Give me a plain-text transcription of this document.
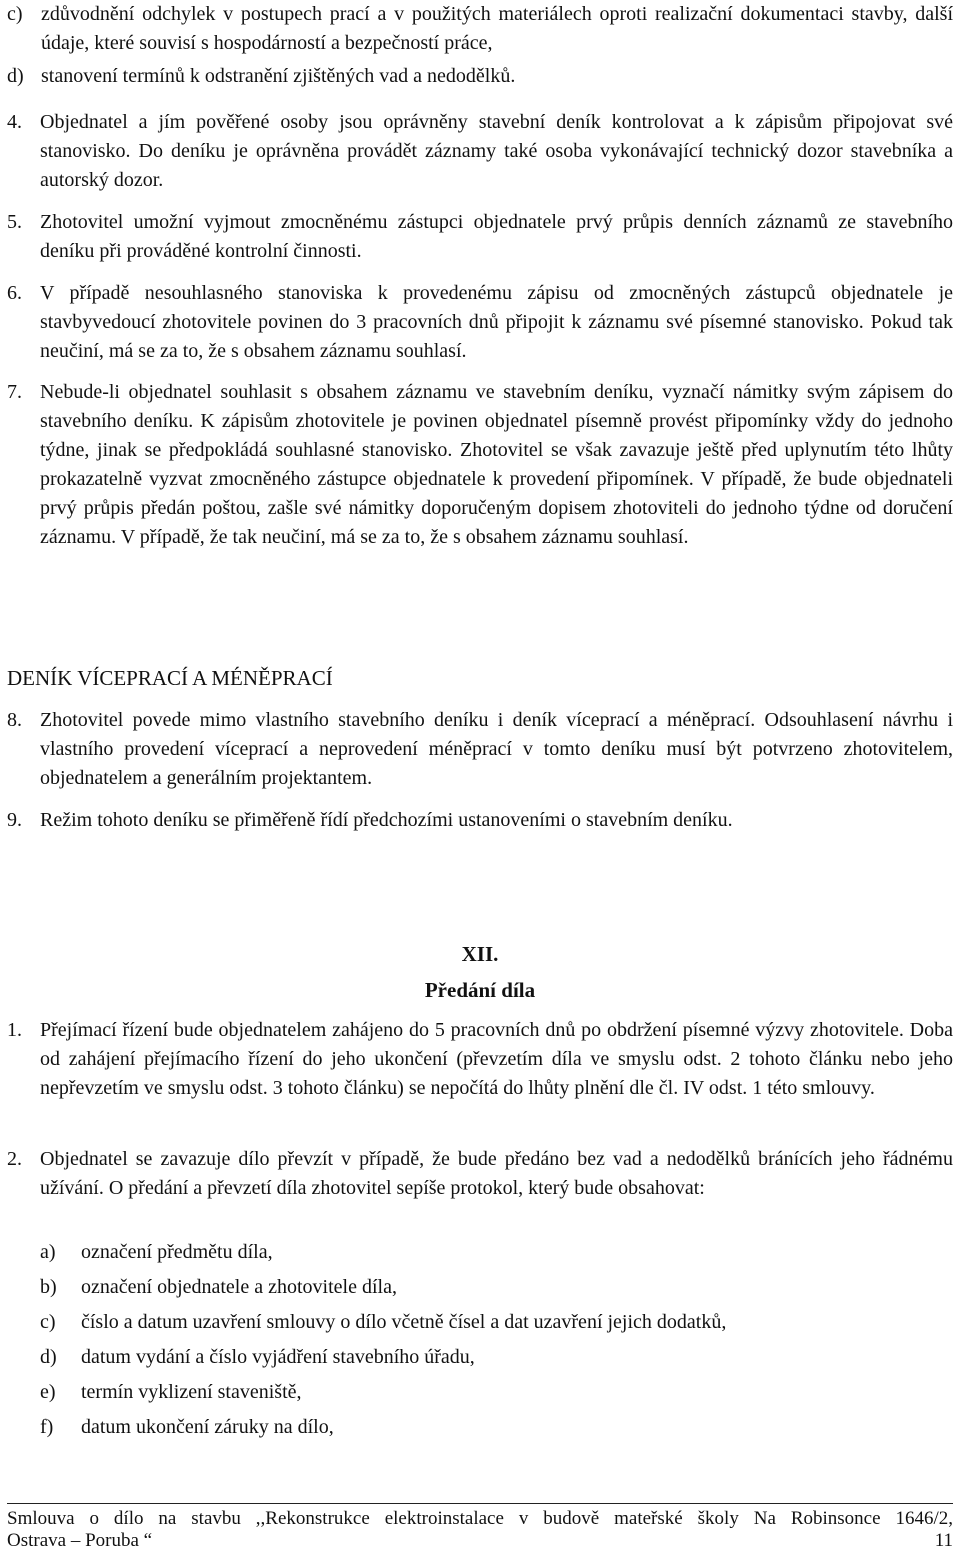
c) zdůvodnění odchylek v postupech prací a v použitých materiálech oproti realizační dokumentaci stavby, další údaje, které souvisí s hospodárností a bezpečností práce,
d) stanovení termínů k odstranění zjištěných vad a nedodělků.
4. Objednatel a jím pověřené osoby jsou oprávněny stavební deník kontrolovat a k zápisům připojovat své stanovisko. Do deníku je oprávněna provádět záznamy také osoba vykonávající technický dozor stavebníka a autorský dozor.
5. Zhotovitel umožní vyjmout zmocněnému zástupci objednatele prvý průpis denních záznamů ze stavebního deníku při prováděné kontrolní činnosti.
6. V případě nesouhlasného stanoviska k provedenému zápisu od zmocněných zástupců objednatele je stavbyvedoucí zhotovitele povinen do 3 pracovních dnů připojit k záznamu své písemné stanovisko. Pokud tak neučiní, má se za to, že s obsahem záznamu souhlasí.
7. Nebude-li objednatel souhlasit s obsahem záznamu ve stavebním deníku, vyznačí námitky svým zápisem do stavebního deníku. K zápisům zhotovitele je povinen objednatel písemně provést připomínky vždy do jednoho týdne, jinak se předpokládá souhlasné stanovisko. Zhotovitel se však zavazuje ještě před uplynutím této lhůty prokazatelně vyzvat zmocněného zástupce objednatele k provedení připomínek. V případě, že bude objednateli prvý průpis předán poštou, zašle své námitky doporučeným dopisem zhotoviteli do jednoho týdne od doručení záznamu. V případě, že tak neučiní, má se za to, že s obsahem záznamu souhlasí.
DENÍK VÍCEPRACÍ A MÉNĚPRACÍ
8. Zhotovitel povede mimo vlastního stavebního deníku i deník víceprací a méněprací. Odsouhlasení návrhu i vlastního provedení víceprací a neprovedení méněprací v tomto deníku musí být potvrzeno zhotovitelem, objednatelem a generálním projektantem.
9. Režim tohoto deníku se přiměřeně řídí předchozími ustanoveními o stavebním deníku.
XII.
Předání díla
1. Přejímací řízení bude objednatelem zahájeno do 5 pracovních dnů po obdržení písemné výzvy zhotovitele. Doba od zahájení přejímacího řízení do jeho ukončení (převzetím díla ve smyslu odst. 2 tohoto článku nebo jeho nepřevzetím ve smyslu odst. 3 tohoto článku) se nepočítá do lhůty plnění dle čl. IV odst. 1 této smlouvy.
2. Objednatel se zavazuje dílo převzít v případě, že bude předáno bez vad a nedodělků bránících jeho řádnému užívání. O předání a převzetí díla zhotovitel sepíše protokol, který bude obsahovat:
a)	označení předmětu díla,
b)	označení objednatele a zhotovitele díla,
c)	číslo a datum uzavření smlouvy o dílo včetně čísel a dat uzavření jejich dodatků,
d)	datum vydání a číslo vyjádření stavebního úřadu,
e)	termín vyklizení staveniště,
f)	datum ukončení záruky na dílo,
Smlouva o dílo na stavbu ,,Rekonstrukce elektroinstalace v budově mateřské školy Na Robinsonce 1646/2,
Ostrava – Poruba “	11
